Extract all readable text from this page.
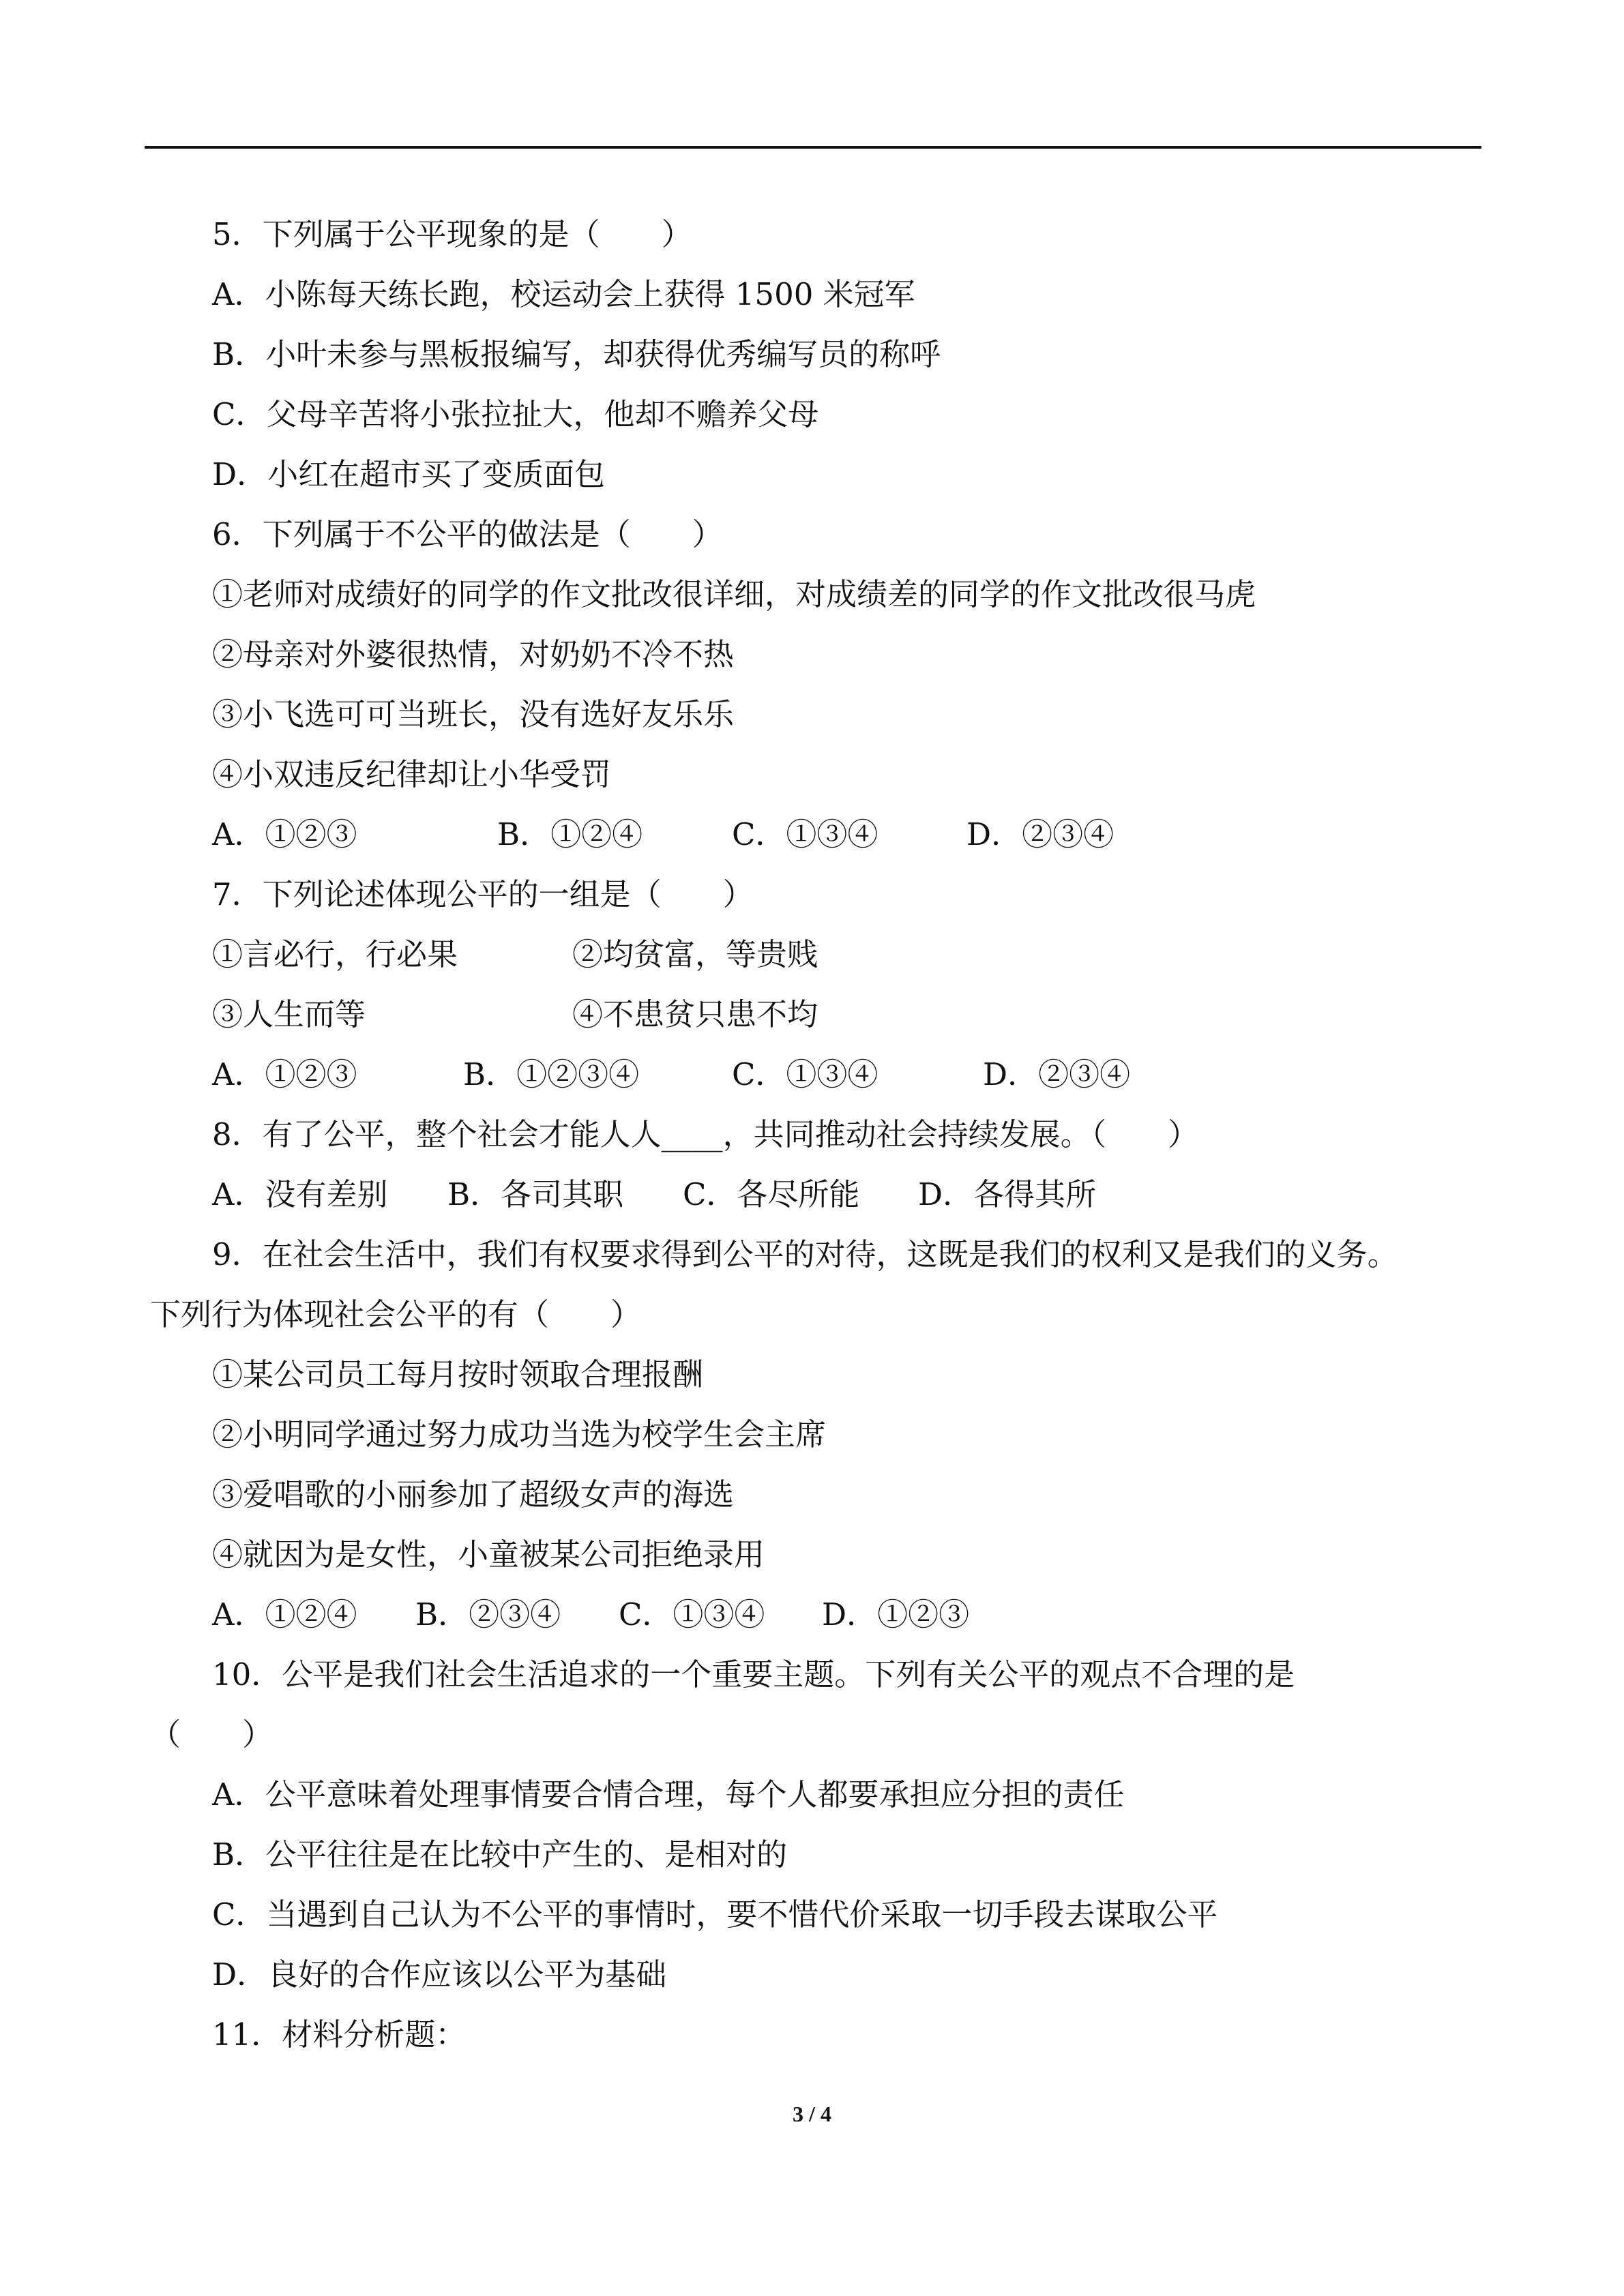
5．下列属于公平现象的是（　　）
A．小陈每天练长跑，校运动会上获得 1500 米冠军
B．小叶未参与黑板报编写，却获得优秀编写员的称呼
C．父母辛苦将小张拉扯大，他却不赡养父母
D．小红在超市买了变质面包
6．下列属于不公平的做法是（　　）
①老师对成绩好的同学的作文批改很详细，对成绩差的同学的作文批改很马虎
②母亲对外婆很热情，对奶奶不冷不热
③小飞选可可当班长，没有选好友乐乐
④小双违反纪律却让小华受罚
A．①②③	B．①②④	C．①③④	D．②③④
7．下列论述体现公平的一组是（　　）
①言必行，行必果	②均贫富，等贵贱
③人生而等	④不患贫只患不均
A．①②③	B．①②③④	C．①③④	D．②③④
8．有了公平，整个社会才能人人____，共同推动社会持续发展。（　　）
A．没有差别 B．各司其职 C．各尽所能 D．各得其所
9．在社会生活中，我们有权要求得到公平的对待，这既是我们的权利又是我们的义务。
下列行为体现社会公平的有（　　）
①某公司员工每月按时领取合理报酬
②小明同学通过努力成功当选为校学生会主席
③爱唱歌的小丽参加了超级女声的海选
④就因为是女性，小童被某公司拒绝录用
A．①②④ B．②③④ C．①③④ D．①②③
10．公平是我们社会生活追求的一个重要主题。下列有关公平的观点不合理的是
（　　）
A．公平意味着处理事情要合情合理，每个人都要承担应分担的责任
B．公平往往是在比较中产生的、是相对的
C．当遇到自己认为不公平的事情时，要不惜代价采取一切手段去谋取公平
D．良好的合作应该以公平为基础
11．材料分析题：
3 / 4
